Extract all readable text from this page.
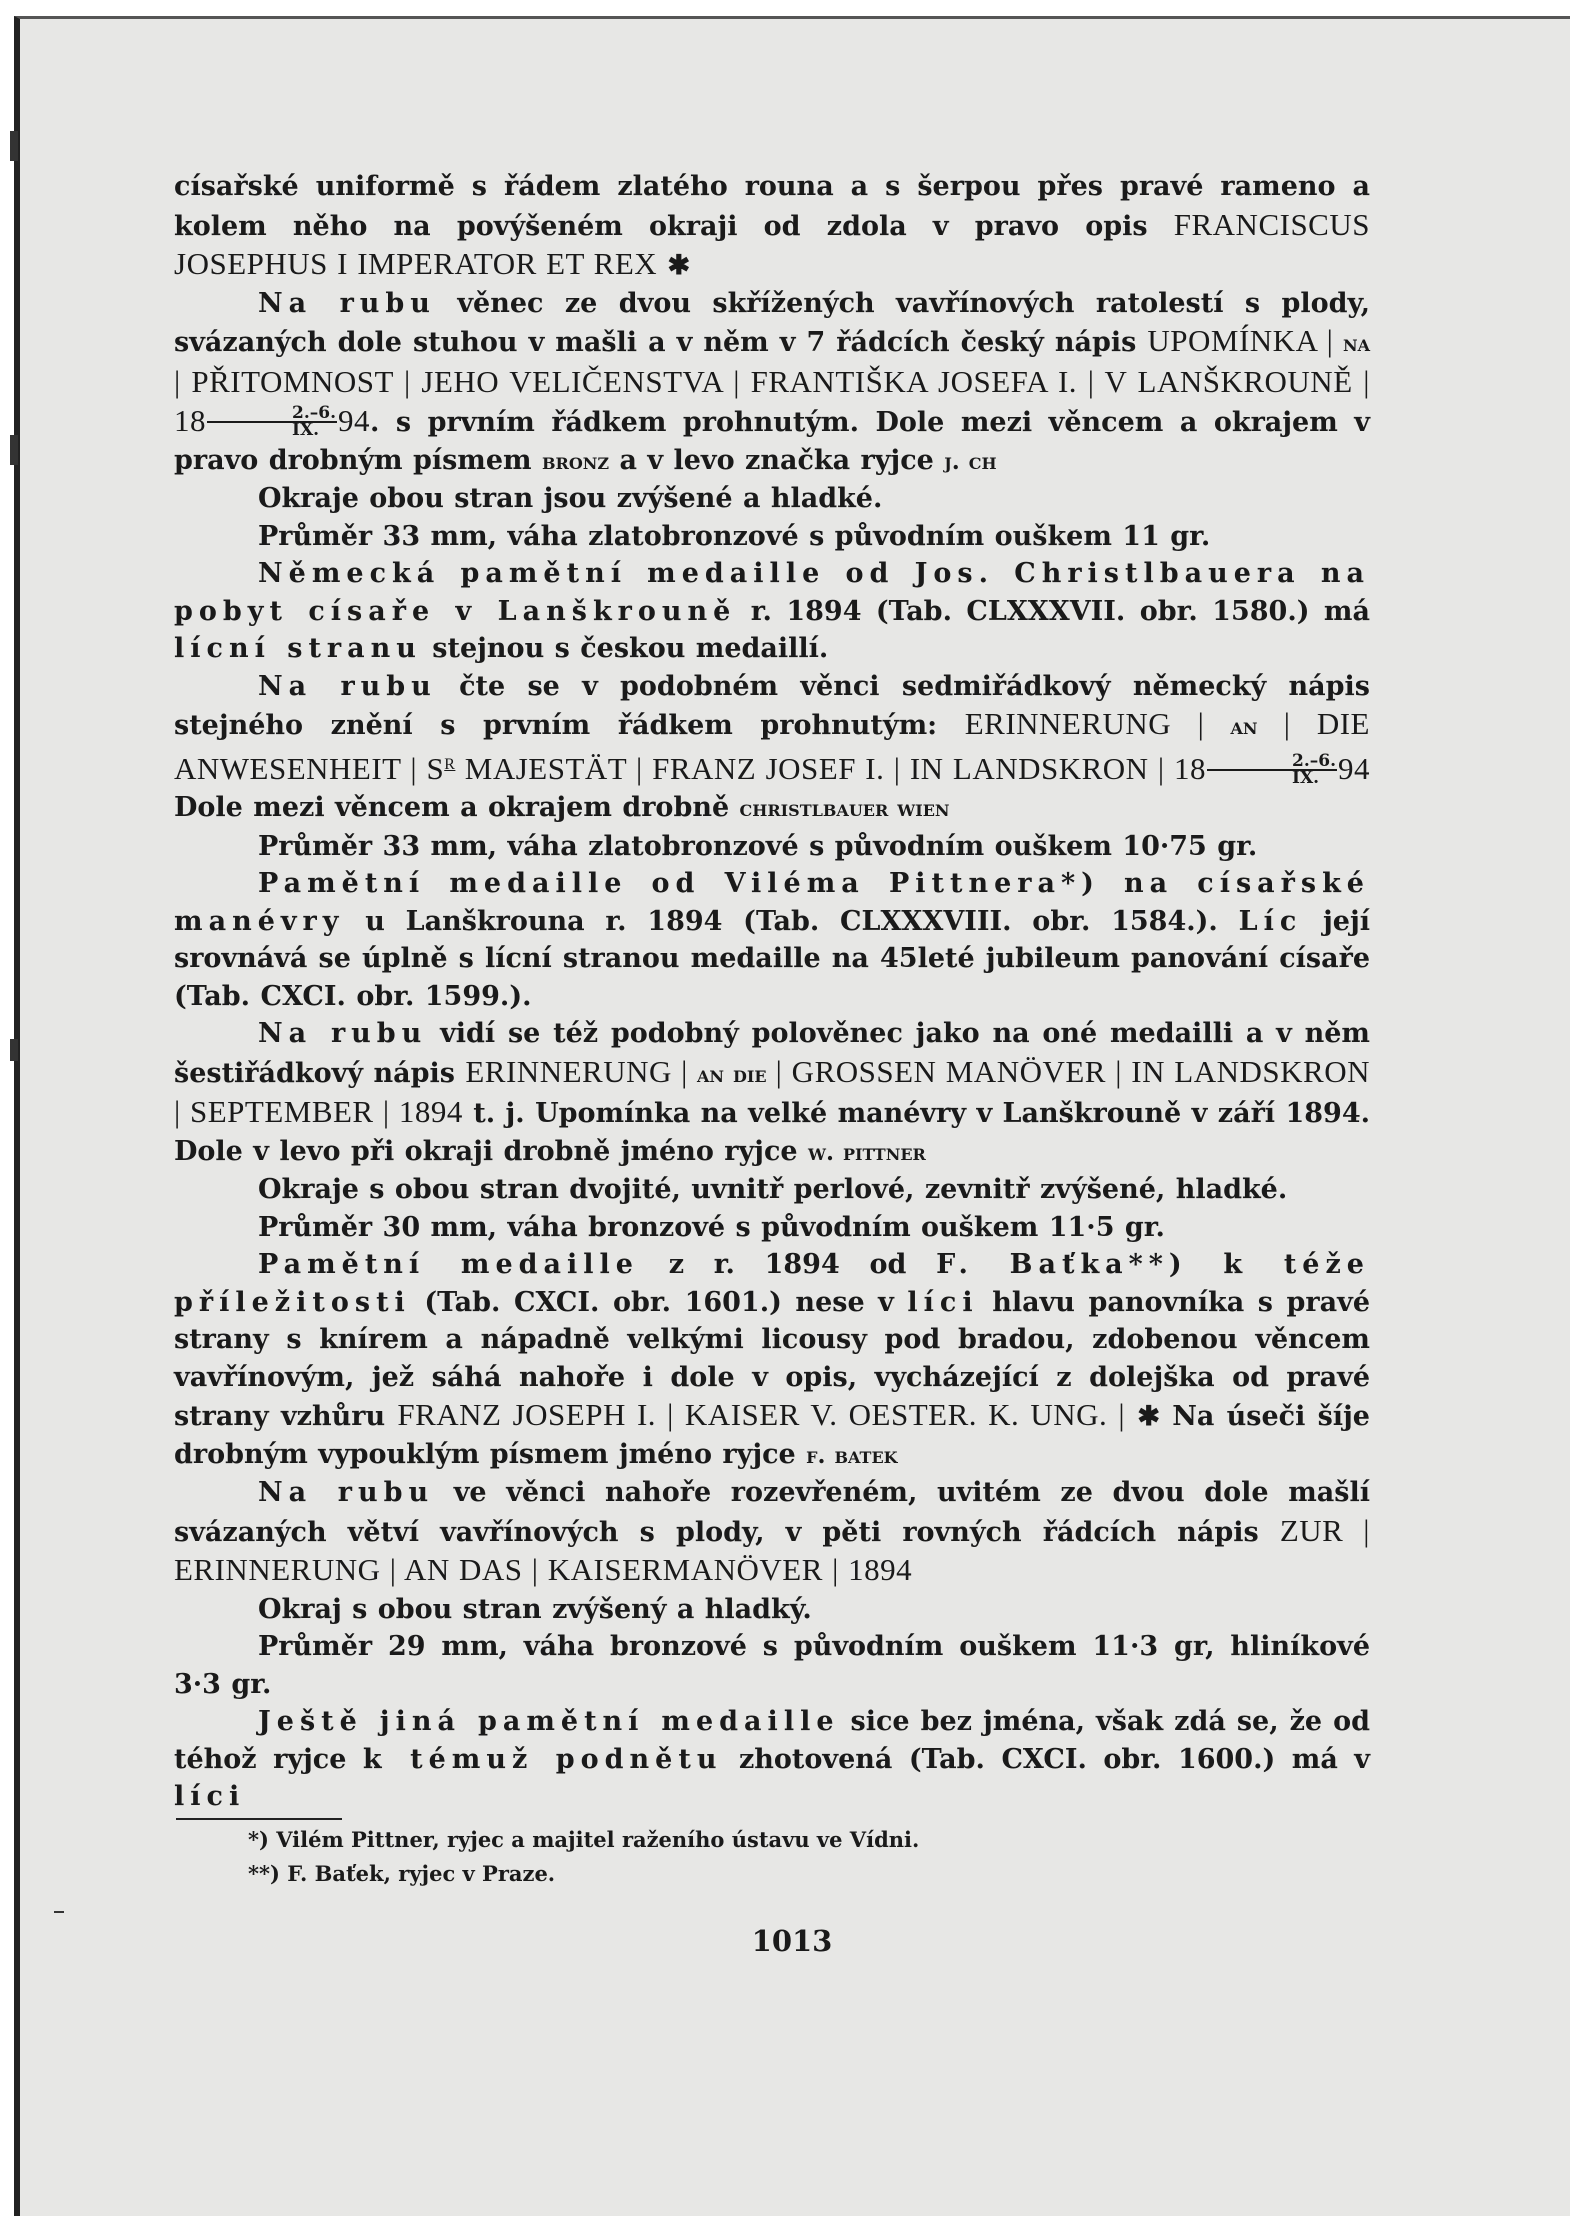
císařské uniformě s řádem zlatého rouna a s šerpou přes pravé rameno a kolem něho na povýšeném okraji od zdola v pravo opis FRANCISCUS JOSEPHUS I IMPERATOR ET REX ✱

Na rubu věnec ze dvou skřížených vavřínových ratolestí s plody, svázaných dole stuhou v mašli a v něm v 7 řádcích český nápis UPOMÍNKA | na | PŘITOMNOST | JEHO VELIČENSTVA | FRANTIŠKA JOSEFA I. | V LANŠKROUNĚ | $18 \frac{2.-6.}{IX.} 94$. s prvním řádkem prohnutým. Dole mezi věncem a okrajem v pravo drobným písmem bronz a v levo značka ryjce j. ch

Okraje obou stran jsou zvýšené a hladké.

Průměr 33 mm, váha zlatobronzové s původním ouškem 11 gr.

Německá pamětní medaille od Jos. Christlbauera na pobyt císaře v Lanškrouně r. 1894 (Tab. CLXXXVII. obr. 1580.) má lícní stranu stejnou s českou medaillí.

Na rubu čte se v podobném věnci sedmiřádkový německý nápis stejného znění s prvním řádkem prohnutým: ERINNERUNG | an | DIE ANWESENHEIT | $S^R$ MAJESTÄT | FRANZ JOSEF I. | IN LANDSKRON | $18 \frac{2.-6.}{IX.} 94$ Dole mezi věncem a okrajem drobně christlbauer wien

Průměr 33 mm, váha zlatobronzové s původním ouškem 10·75 gr.

Pamětní medaille od Viléma Pittnera*) na císařské manévry u Lanškrouna r. 1894 (Tab. CLXXXVIII. obr. 1584.). Líc její srovnává se úplně s lícní stranou medaille na 45leté jubileum panování císaře (Tab. CXCI. obr. 1599.).

Na rubu vidí se též podobný polověnec jako na oné medailli a v něm šestiřádkový nápis ERINNERUNG | an die | GROSSEN MANÖVER | IN LANDSKRON | SEPTEMBER | 1894 t. j. Upomínka na velké manévry v Lanškrouně v září 1894. Dole v levo při okraji drobně jméno ryjce w. pittner

Okraje s obou stran dvojité, uvnitř perlové, zevnitř zvýšené, hladké.

Průměr 30 mm, váha bronzové s původním ouškem 11·5 gr.

Pamětní medaille z r. 1894 od F. Baťka**) k téže příležitosti (Tab. CXCI. obr. 1601.) nese v líci hlavu panovníka s pravé strany s knírem a nápadně velkými licousy pod bradou, zdobenou věncem vavřínovým, jež sáhá nahoře i dole v opis, vycházející z dolejška od pravé strany vzhůru FRANZ JOSEPH I. | KAISER V. OESTER. K. UNG. | ✱ Na úseči šíje drobným vypouklým písmem jméno ryjce f. batek

Na rubu ve věnci nahoře rozevřeném, uvitém ze dvou dole mašlí svázaných větví vavřínových s plody, v pěti rovných řádcích nápis ZUR | ERINNERUNG | AN DAS | KAISERMANÖVER | 1894

Okraj s obou stran zvýšený a hladký.

Průměr 29 mm, váha bronzové s původním ouškem 11·3 gr, hliníkové 3·3 gr.

Ještě jiná pamětní medaille sice bez jména, však zdá se, že od téhož ryjce k témuž podnětu zhotovená (Tab. CXCI. obr. 1600.) má v líci

*) Vilém Pittner, ryjec a majitel raženího ústavu ve Vídni.
**) F. Baťek, ryjec v Praze.
1013
